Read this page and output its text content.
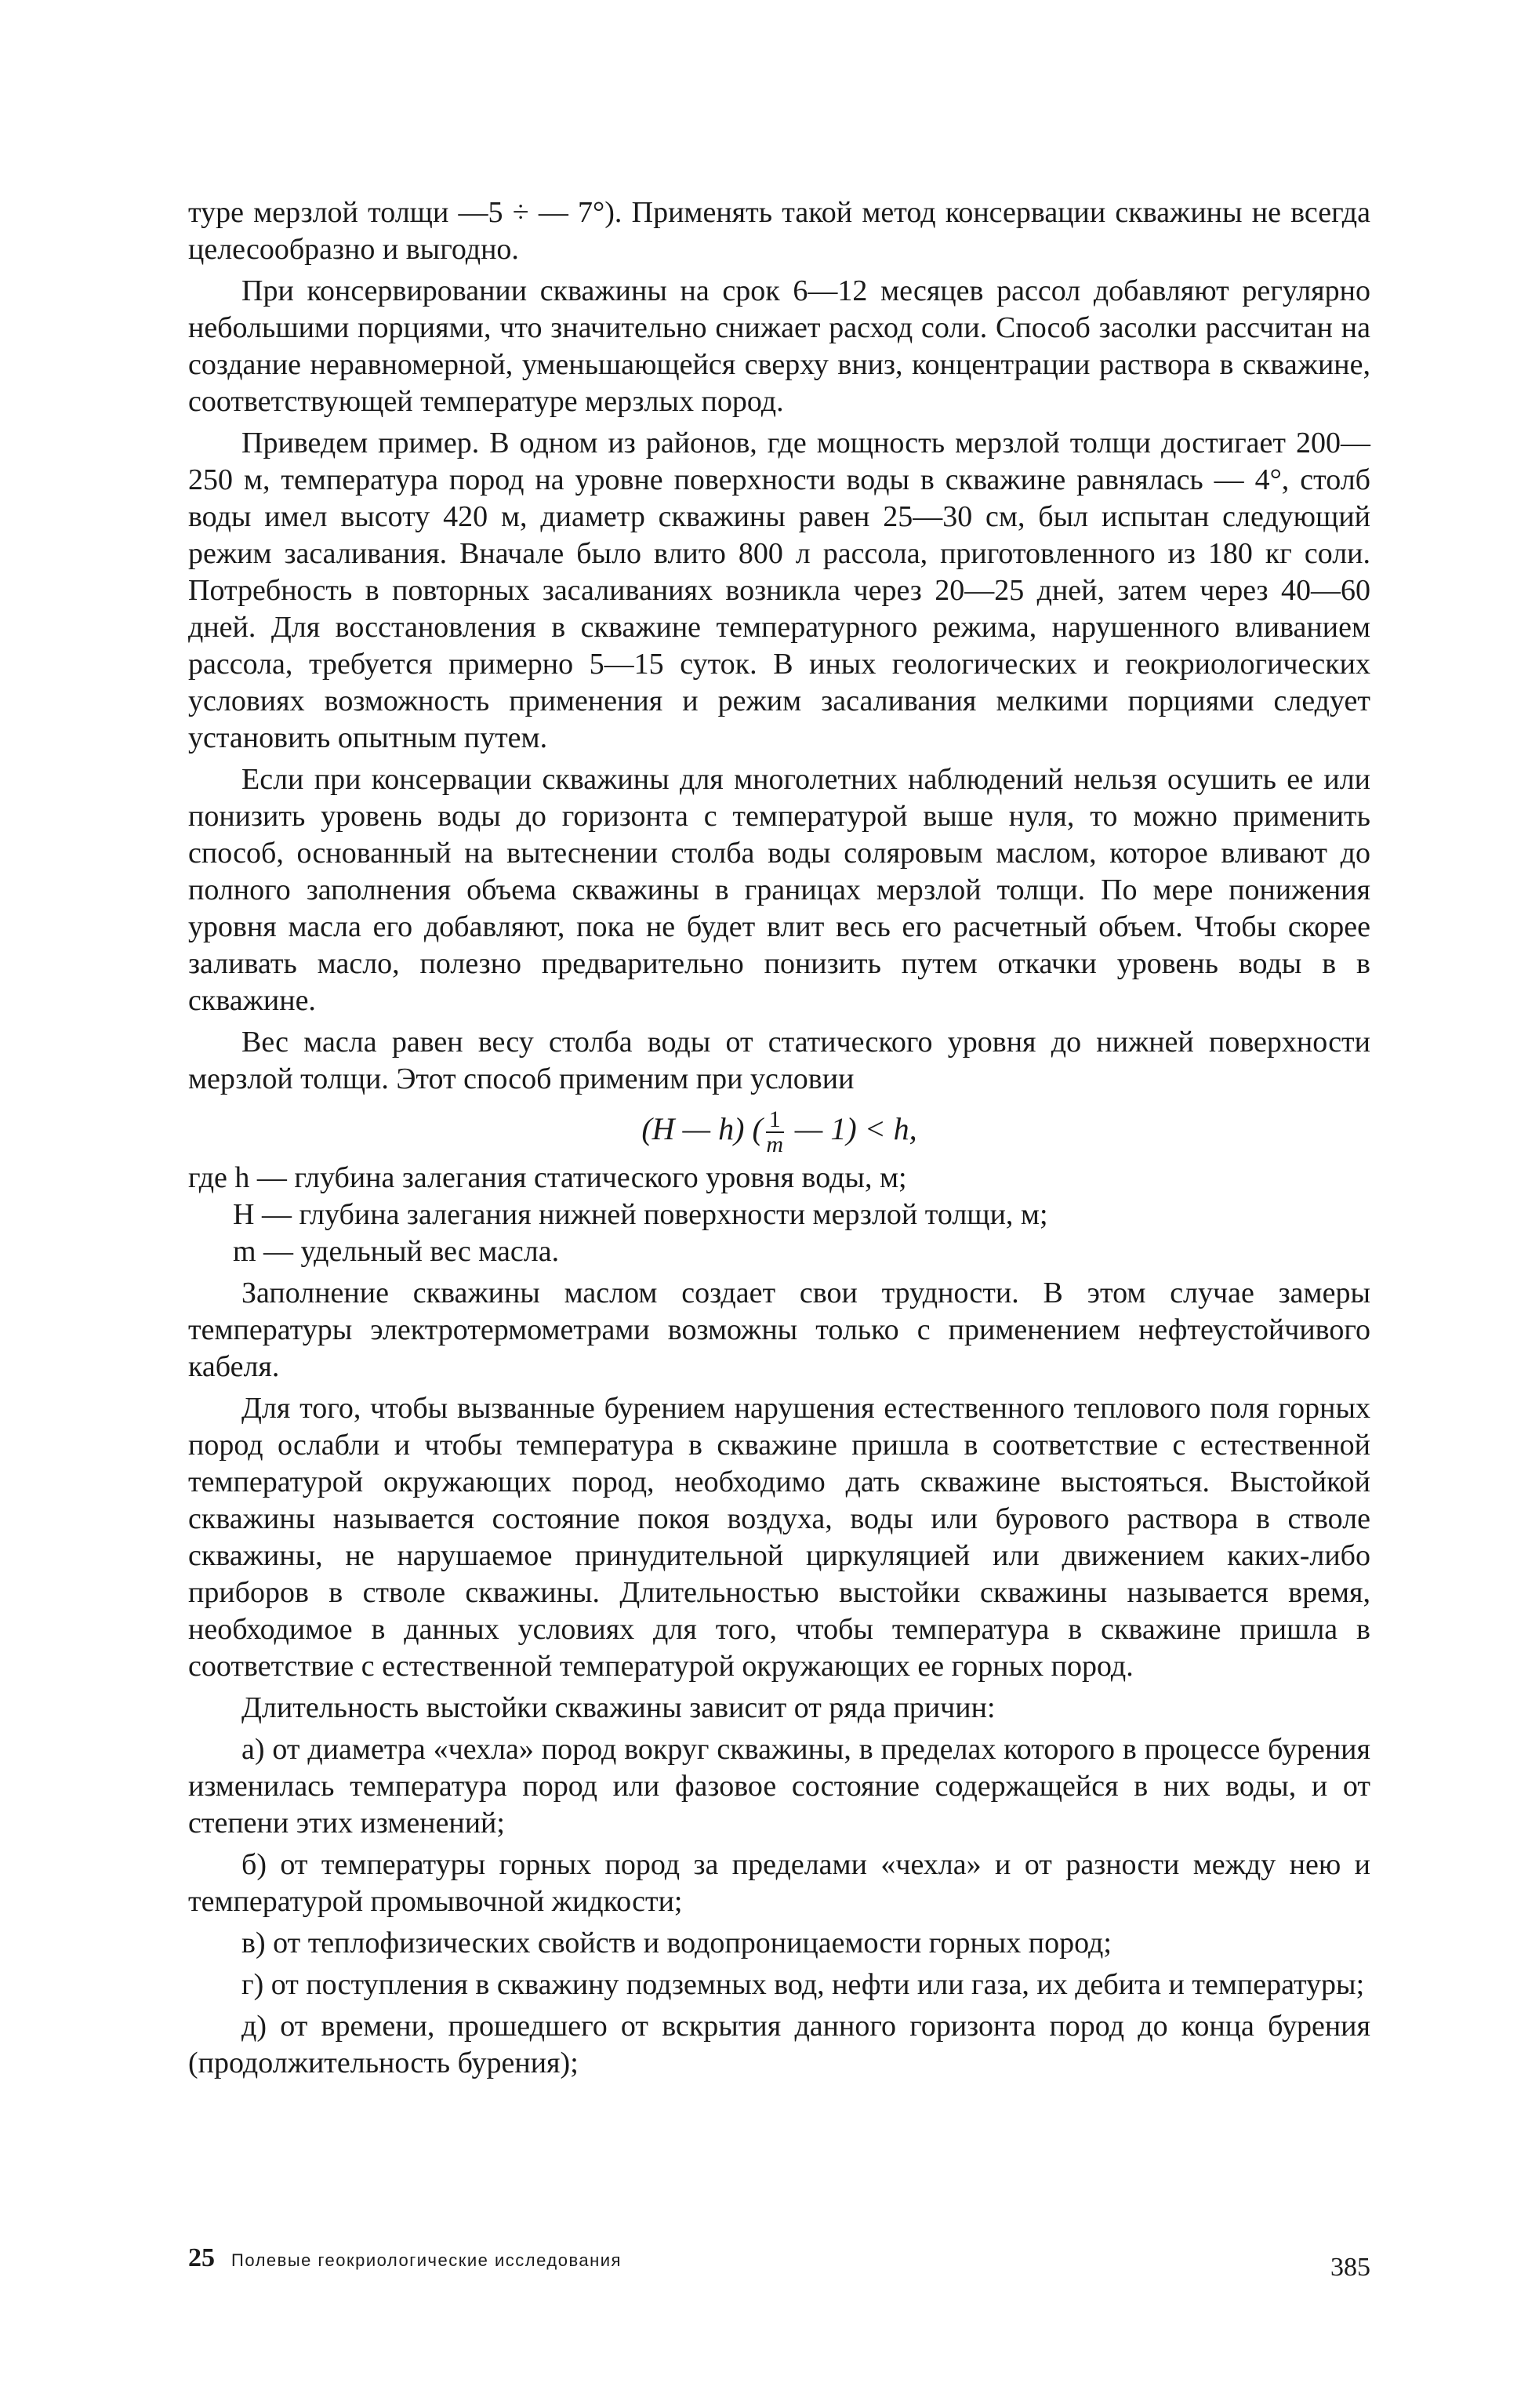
туре мерзлой толщи —5 ÷ — 7°). Применять такой метод консервации скважины не всегда целесообразно и выгодно.

При консервировании скважины на срок 6—12 месяцев рассол добавляют регулярно небольшими порциями, что значительно снижает расход соли. Способ засолки рассчитан на создание неравномерной, уменьшающейся сверху вниз, концентрации раствора в скважине, соответствующей температуре мерзлых пород.

Приведем пример. В одном из районов, где мощность мерзлой толщи достигает 200—250 м, температура пород на уровне поверхности воды в скважине равнялась — 4°, столб воды имел высоту 420 м, диаметр скважины равен 25—30 см, был испытан следующий режим засаливания. Вначале было влито 800 л рассола, приготовленного из 180 кг соли. Потребность в повторных засаливаниях возникла через 20—25 дней, затем через 40—60 дней. Для восстановления в скважине температурного режима, нарушенного вливанием рассола, требуется примерно 5—15 суток. В иных геологических и геокриологических условиях возможность применения и режим засаливания мелкими порциями следует установить опытным путем.

Если при консервации скважины для многолетних наблюдений нельзя осушить ее или понизить уровень воды до горизонта с температурой выше нуля, то можно применить способ, основанный на вытеснении столба воды соляровым маслом, которое вливают до полного заполнения объема скважины в границах мерзлой толщи. По мере понижения уровня масла его добавляют, пока не будет влит весь его расчетный объем. Чтобы скорее заливать масло, полезно предварительно понизить путем откачки уровень воды в в скважине.

Вес масла равен весу столба воды от статического уровня до нижней поверхности мерзлой толщи. Этот способ применим при условии

(H — h) ( $\frac{1}{m}$ — 1) < h,
где h — глубина залегания статического уровня воды, м;
H — глубина залегания нижней поверхности мерзлой толщи, м;
m — удельный вес масла.

Заполнение скважины маслом создает свои трудности. В этом случае замеры температуры электротермометрами возможны только с применением нефтеустойчивого кабеля.

Для того, чтобы вызванные бурением нарушения естественного теплового поля горных пород ослабли и чтобы температура в скважине пришла в соответствие с естественной температурой окружающих пород, необходимо дать скважине выстояться. Выстойкой скважины называется состояние покоя воздуха, воды или бурового раствора в стволе скважины, не нарушаемое принудительной циркуляцией или движением каких-либо приборов в стволе скважины. Длительностью выстойки скважины называется время, необходимое в данных условиях для того, чтобы температура в скважине пришла в соответствие с естественной температурой окружающих ее горных пород.

Длительность выстойки скважины зависит от ряда причин:

а) от диаметра «чехла» пород вокруг скважины, в пределах которого в процессе бурения изменилась температура пород или фазовое состояние содержащейся в них воды, и от степени этих изменений;

б) от температуры горных пород за пределами «чехла» и от разности между нею и температурой промывочной жидкости;

в) от теплофизических свойств и водопроницаемости горных пород;

г) от поступления в скважину подземных вод, нефти или газа, их дебита и температуры;

д) от времени, прошедшего от вскрытия данного горизонта пород до конца бурения (продолжительность бурения);

25 Полевые геокриологические исследования	385
